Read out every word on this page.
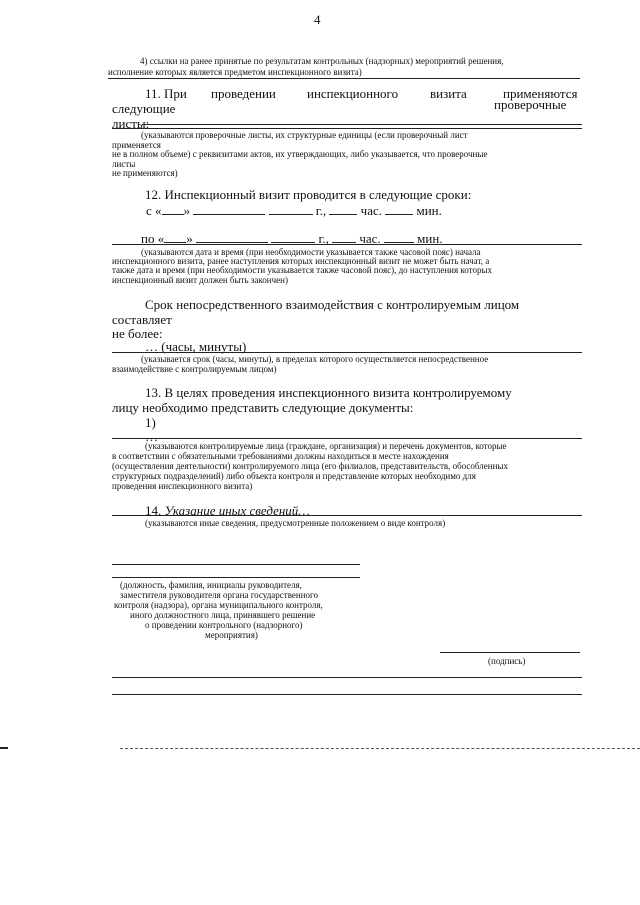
4
4) ссылки на ранее принятые по результатам контрольных (надзорных) мероприятий решения,
исполнение которых является предметом инспекционного визита)
11. При проведении инспекционного визита	применяются
следующие	проверочные
листы:
(указываются проверочные листы, их структурные единицы (если проверочный лист
применяется
не в полном объеме) с реквизитами актов, их утверждающих, либо указывается, что проверочные
листы
не применяются)
12. Инспекционный визит проводится в следующие сроки:
с « »	г.,	час.	мин.
по « »	г., час.	мин.
(указываются дата и время (при необходимости указывается также часовой пояс) начала
инспекционного визита, ранее наступления которых инспекционный визит не может быть начат, а
также дата и время (при необходимости указывается также часовой пояс), до наступления которых
инспекционный визит должен быть закончен)
Срок непосредственного взаимодействия с контролируемым лицом
составляет
не более:
… (часы, минуты)
(указывается срок (часы, минуты), в пределах которого осуществляется непосредственное
взаимодействие с контролируемым лицом)
13. В целях проведения инспекционного визита контролируемому
лицу необходимо представить следующие документы:
1)
…
(указываются контролируемые лица (граждане, организация) и перечень документов, которые
в соответствии с обязательными требованиями должны находиться в месте нахождения
(осуществления деятельности) контролируемого лица (его филиалов, представительств, обособленных
структурных подразделений) либо объекта контроля и представление которых необходимо для
проведения инспекционного визита)
14. Указание иных сведений…
(указываются иные сведения, предусмотренные положением о виде контроля)
(должность, фамилия, инициалы руководителя,
заместителя руководителя органа государственного
контроля (надзора), органа муниципального контроля,
иного должностного лица, принявшего решение
о проведении контрольного (надзорного)
мероприятия)
(подпись)
